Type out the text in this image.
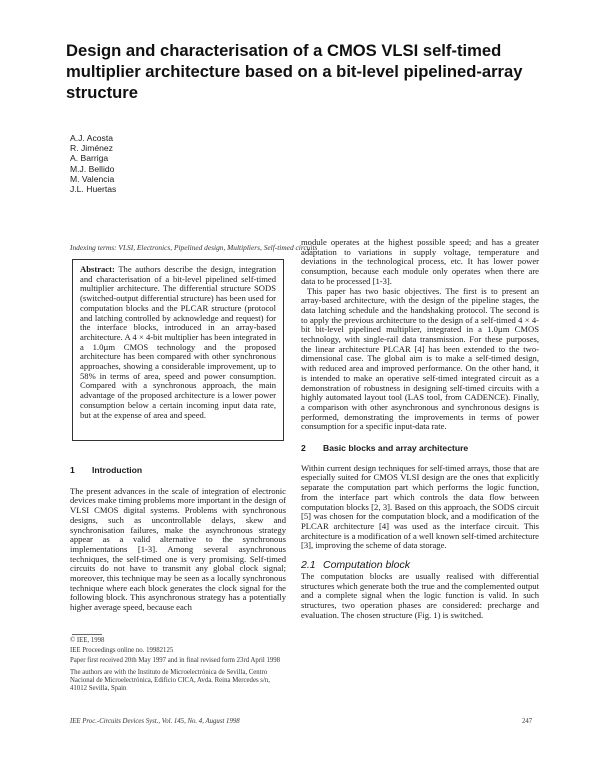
Design and characterisation of a CMOS VLSI self-timed multiplier architecture based on a bit-level pipelined-array structure
A.J. Acosta
R. Jiménez
A. Barriga
M.J. Bellido
M. Valencia
J.L. Huertas
Indexing terms: VLSI, Electronics, Pipelined design, Multipliers, Self-timed circuits
Abstract: The authors describe the design, integration and characterisation of a bit-level pipelined self-timed multiplier architecture. The differential structure SODS (switched-output differential structure) has been used for computation blocks and the PLCAR structure (protocol and latching controlled by acknowledge and request) for the interface blocks, introduced in an array-based architecture. A 4 × 4-bit multiplier has been integrated in a 1.0µm CMOS technology and the proposed architecture has been compared with other synchronous approaches, showing a considerable improvement, up to 58% in terms of area, speed and power consumption. Compared with a synchronous approach, the main advantage of the proposed architecture is a lower power consumption below a certain incoming input data rate, but at the expense of area and speed.
1 Introduction

The present advances in the scale of integration of electronic devices make timing problems more important in the design of VLSI CMOS digital systems. Problems with synchronous designs, such as uncontrollable delays, skew and synchronisation failures, make the asynchronous strategy appear as a valid alternative to the synchronous implementations [1-3]. Among several asynchronous techniques, the self-timed one is very promising. Self-timed circuits do not have to transmit any global clock signal; moreover, this technique may be seen as a locally synchronous technique where each block generates the clock signal for the following block. This asynchronous strategy has a potentially higher average speed, because each

© IEE, 1998
IEE Proceedings online no. 19982125
Paper first received 20th May 1997 and in final revised form 23rd April 1998
The authors are with the Instituto de Microelectrónica de Sevilla, Centro Nacional de Microelectrónica, Edificio CICA, Avda. Reina Mercedes s/n, 41012 Sevilla, Spain

module operates at the highest possible speed; and has a greater adaptation to variations in supply voltage, temperature and deviations in the technological process, etc. It has lower power consumption, because each module only operates when there are data to be processed [1-3].

This paper has two basic objectives. The first is to present an array-based architecture, with the design of the pipeline stages, the data latching schedule and the handshaking protocol. The second is to apply the previous architecture to the design of a self-timed 4 × 4-bit bit-level pipelined multiplier, integrated in a 1.0µm CMOS technology, with single-rail data transmission. For these purposes, the linear architecture PLCAR [4] has been extended to the two-dimensional case. The global aim is to make a self-timed design, with reduced area and improved performance. On the other hand, it is intended to make an operative self-timed integrated circuit as a demonstration of robustness in designing self-timed circuits with a highly automated layout tool (LAS tool, from CADENCE). Finally, a comparison with other asynchronous and synchronous designs is performed, demonstrating the improvements in terms of power consumption for a specific input-data rate.

2 Basic blocks and array architecture

Within current design techniques for self-timed arrays, those that are especially suited for CMOS VLSI design are the ones that explicitly separate the computation part which performs the logic function, from the interface part which controls the data flow between computation blocks [2, 3]. Based on this approach, the SODS circuit [5] was chosen for the computation block, and a modification of the PLCAR architecture [4] was used as the interface circuit. This architecture is a modification of a well known self-timed architecture [3], improving the scheme of data storage.

2.1 Computation block

The computation blocks are usually realised with differential structures which generate both the true and the complemented output and a complete signal when the logic function is valid. In such structures, two operation phases are considered: precharge and evaluation. The chosen structure (Fig. 1) is switched.

IEE Proc.-Circuits Devices Syst., Vol. 145, No. 4, August 1998	247
